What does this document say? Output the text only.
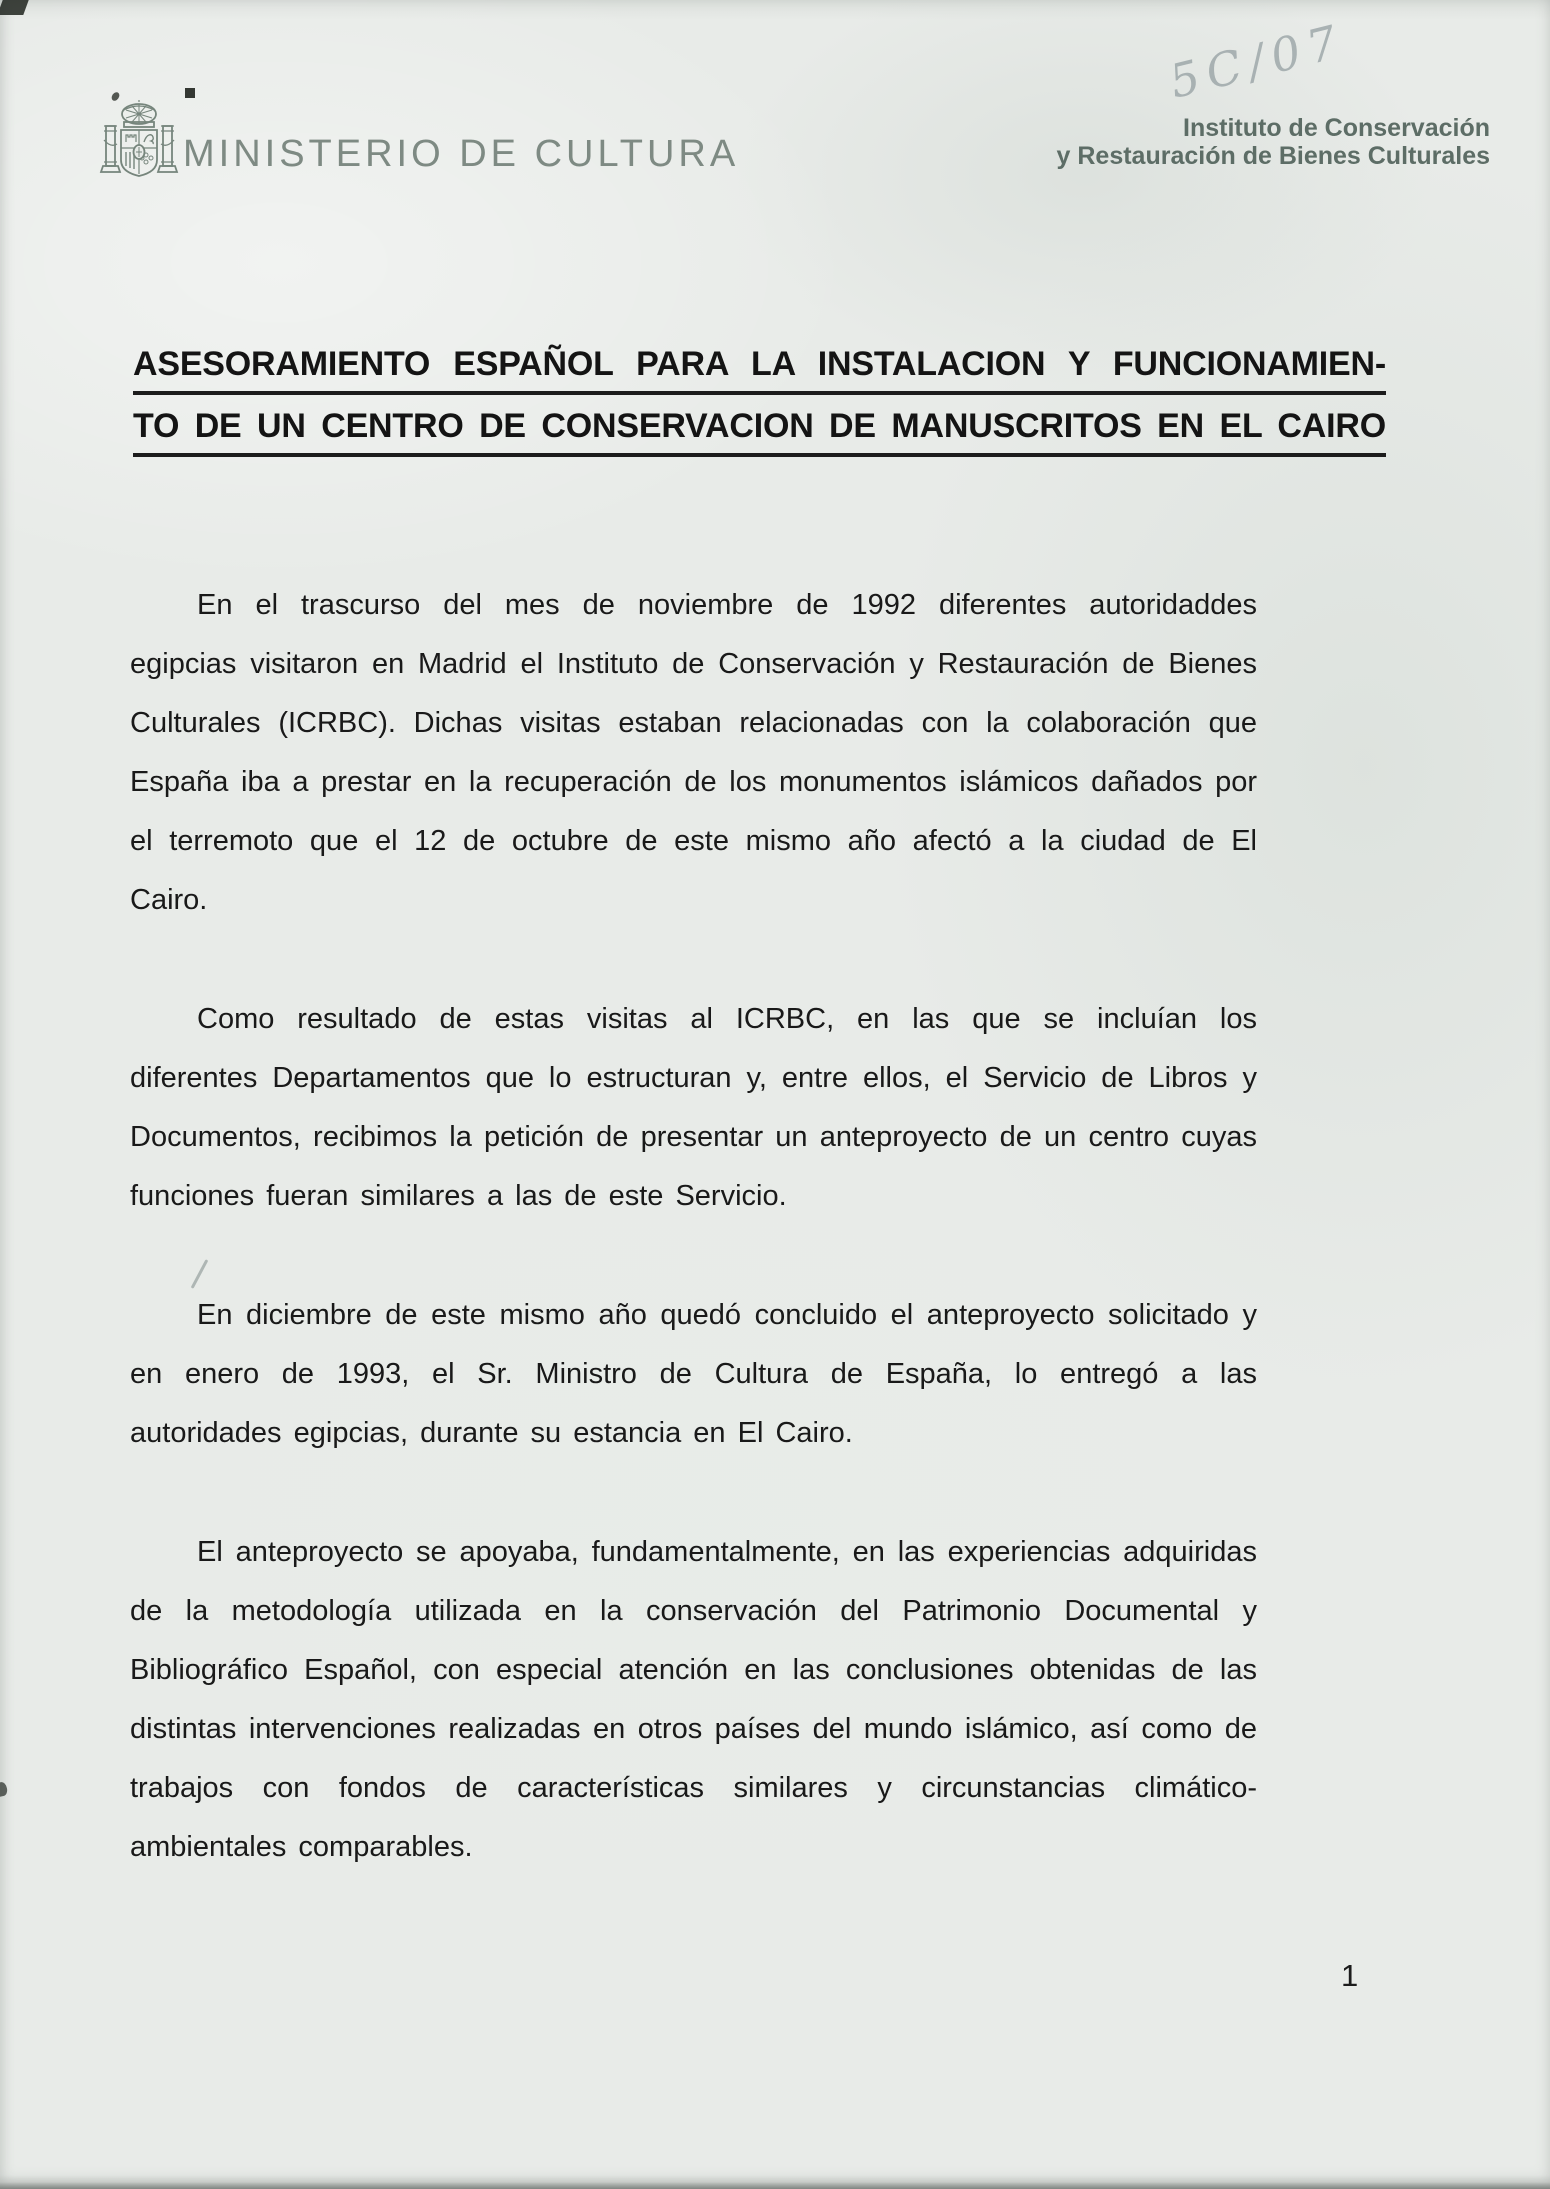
MINISTERIO DE CULTURA
Instituto de Conservación
y Restauración de Bienes Culturales
5C/07
ASESORAMIENTO ESPAÑOL PARA LA INSTALACION Y FUNCIONAMIEN-
TO DE UN CENTRO DE CONSERVACION DE MANUSCRITOS EN EL CAIRO

En el trascurso del mes de noviembre de 1992 diferentes autoridaddes egipcias visitaron en Madrid el Instituto de Conservación y Restauración de Bienes Culturales (ICRBC). Dichas visitas estaban relacionadas con la colaboración que España iba a prestar en la recuperación de los monumentos islámicos dañados por el terremoto que el 12 de octubre de este mismo año afectó a la ciudad de El Cairo.

Como resultado de estas visitas al ICRBC, en las que se incluían los diferentes Departamentos que lo estructuran y, entre ellos, el Servicio de Libros y Documentos, recibimos la petición de presentar un anteproyecto de un centro cuyas funciones fueran similares a las de este Servicio.

En diciembre de este mismo año quedó concluido el anteproyecto solicitado y en enero de 1993, el Sr. Ministro de Cultura de España, lo entregó a las autoridades egipcias, durante su estancia en El Cairo.

El anteproyecto se apoyaba, fundamentalmente, en las experiencias adquiridas de la metodología utilizada en la conservación del Patrimonio Documental y Bibliográfico Español, con especial atención en las conclusiones obtenidas de las distintas intervenciones realizadas en otros países del mundo islámico, así como de trabajos con fondos de características similares y circunstancias climático-ambientales comparables.

1
